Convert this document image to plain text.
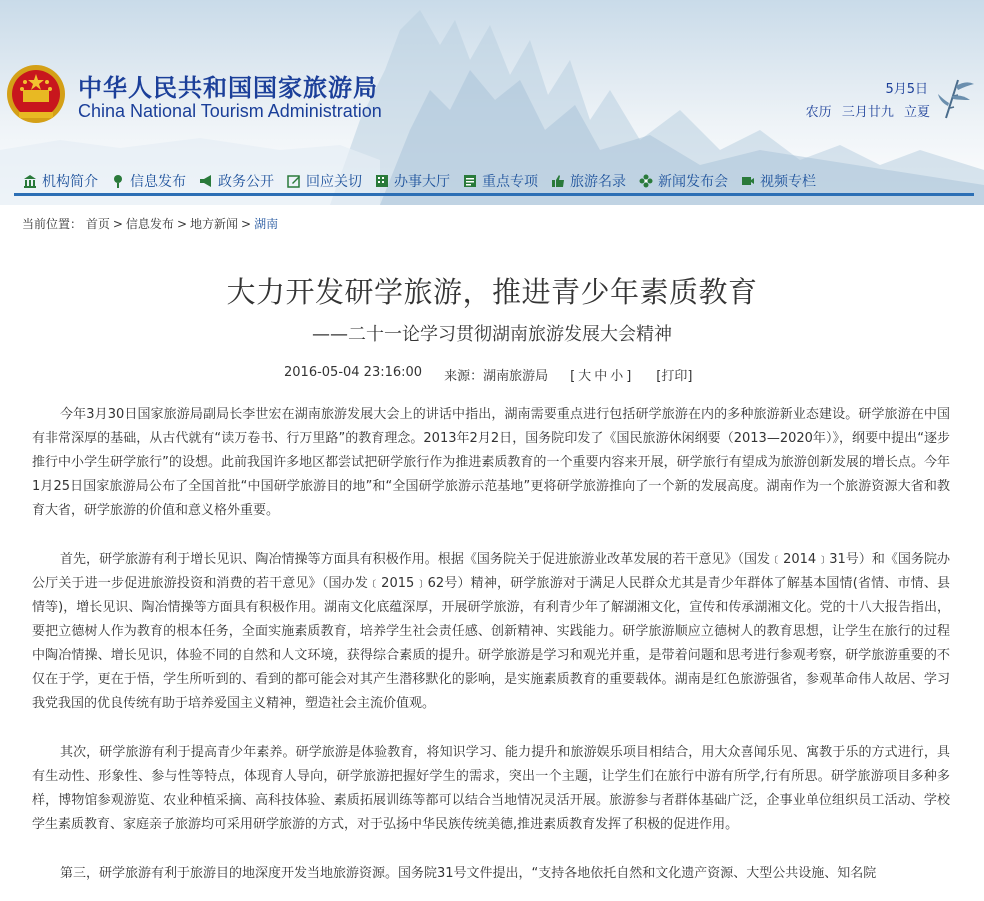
中华人民共和国国家旅游局
China National Tourism Administration
5月5日
农历 三月廿九 立夏
机构简介 信息发布 政务公开 回应关切 办事大厅 重点专项 旅游名录 新闻发布会 视频专栏
当前位置： 首页 > 信息发布 > 地方新闻 > 湖南
大力开发研学旅游，推进青少年素质教育
——二十一论学习贯彻湖南旅游发展大会精神
2016-05-04 23:16:00 来源：湖南旅游局 [ 大 中 小 ] [打印]

今年3月30日国家旅游局副局长李世宏在湖南旅游发展大会上的讲话中指出，湖南需要重点进行包括研学旅游在内的多种旅游新业态建设。研学旅游在中国有非常深厚的基础，从古代就有“读万卷书、行万里路”的教育理念。2013年2月2日，国务院印发了《国民旅游休闲纲要（2013—2020年）》，纲要中提出“逐步推行中小学生研学旅行”的设想。此前我国许多地区都尝试把研学旅行作为推进素质教育的一个重要内容来开展，研学旅行有望成为旅游创新发展的增长点。今年1月25日国家旅游局公布了全国首批“中国研学旅游目的地”和“全国研学旅游示范基地”更将研学旅游推向了一个新的发展高度。湖南作为一个旅游资源大省和教育大省，研学旅游的价值和意义格外重要。

首先，研学旅游有利于增长见识、陶冶情操等方面具有积极作用。根据《国务院关于促进旅游业改革发展的若干意见》（国发﹝2014﹞31号）和《国务院办公厅关于进一步促进旅游投资和消费的若干意见》（国办发﹝2015﹞62号）精神，研学旅游对于满足人民群众尤其是青少年群体了解基本国情(省情、市情、县情等)，增长见识、陶冶情操等方面具有积极作用。湖南文化底蕴深厚，开展研学旅游，有利青少年了解湖湘文化，宣传和传承湖湘文化。党的十八大报告指出，要把立德树人作为教育的根本任务，全面实施素质教育，培养学生社会责任感、创新精神、实践能力。研学旅游顺应立德树人的教育思想，让学生在旅行的过程中陶冶情操、增长见识，体验不同的自然和人文环境，获得综合素质的提升。研学旅游是学习和观光并重，是带着问题和思考进行参观考察，研学旅游重要的不仅在于学，更在于悟，学生所听到的、看到的都可能会对其产生潜移默化的影响，是实施素质教育的重要载体。湖南是红色旅游强省，参观革命伟人故居、学习我党我国的优良传统有助于培养爱国主义精神，塑造社会主流价值观。

其次，研学旅游有利于提高青少年素养。研学旅游是体验教育，将知识学习、能力提升和旅游娱乐项目相结合，用大众喜闻乐见、寓教于乐的方式进行，具有生动性、形象性、参与性等特点，体现育人导向，研学旅游把握好学生的需求，突出一个主题，让学生们在旅行中游有所学,行有所思。研学旅游项目多种多样，博物馆参观游览、农业种植采摘、高科技体验、素质拓展训练等都可以结合当地情况灵活开展。旅游参与者群体基础广泛，企事业单位组织员工活动、学校学生素质教育、家庭亲子旅游均可采用研学旅游的方式，对于弘扬中华民族传统美德,推进素质教育发挥了积极的促进作用。

第三，研学旅游有利于旅游目的地深度开发当地旅游资源。国务院31号文件提出，“支持各地依托自然和文化遗产资源、大型公共设施、知名院
